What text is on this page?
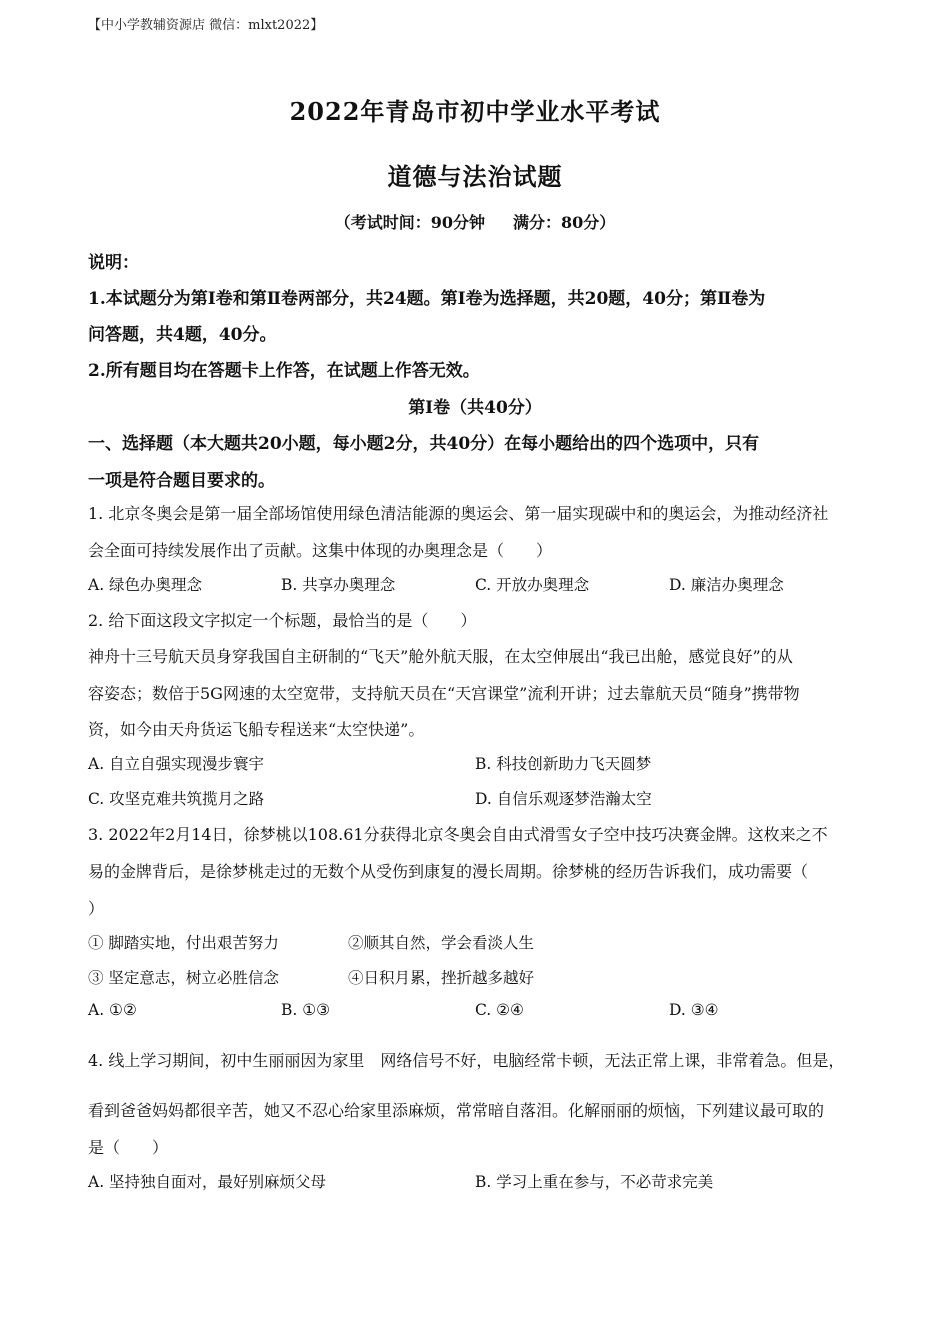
【中小学教辅资源店 微信：mlxt2022】
2022年青岛市初中学业水平考试
道德与法治试题
（考试时间：90分钟 满分：80分）
说明：
1.本试题分为第Ⅰ卷和第Ⅱ卷两部分，共24题。第Ⅰ卷为选择题，共20题，40分；第Ⅱ卷为
问答题，共4题，40分。
2.所有题目均在答题卡上作答，在试题上作答无效。
第Ⅰ卷（共40分）
一、选择题（本大题共20小题，每小题2分，共40分）在每小题给出的四个选项中，只有
一项是符合题目要求的。
1. 北京冬奥会是第一届全部场馆使用绿色清洁能源的奥运会、第一届实现碳中和的奥运会，为推动经济社
会全面可持续发展作出了贡献。这集中体现的办奥理念是（　　）
A. 绿色办奥理念	B. 共享办奥理念	C. 开放办奥理念	D. 廉洁办奥理念
2. 给下面这段文字拟定一个标题，最恰当的是（　　）
神舟十三号航天员身穿我国自主研制的“飞天”舱外航天服，在太空伸展出“我已出舱，感觉良好”的从
容姿态；数倍于5G网速的太空宽带，支持航天员在“天宫课堂”流利开讲；过去靠航天员“随身”携带物
资，如今由天舟货运飞船专程送来“太空快递”。
A. 自立自强实现漫步寰宇	B. 科技创新助力飞天圆梦
C. 攻坚克难共筑揽月之路	D. 自信乐观逐梦浩瀚太空
3. 2022年2月14日，徐梦桃以108.61分获得北京冬奥会自由式滑雪女子空中技巧决赛金牌。这枚来之不
易的金牌背后，是徐梦桃走过的无数个从受伤到康复的漫长周期。徐梦桃的经历告诉我们，成功需要（
）
① 脚踏实地，付出艰苦努力	②顺其自然，学会看淡人生
③ 坚定意志，树立必胜信念	④日积月累，挫折越多越好
A. ①②	B. ①③	C. ②④	D. ③④
4. 线上学习期间，初中生丽丽因为家里　网络信号不好，电脑经常卡顿，无法正常上课，非常着急。但是，
看到爸爸妈妈都很辛苦，她又不忍心给家里添麻烦，常常暗自落泪。化解丽丽的烦恼，下列建议最可取的
是（　　）
A. 坚持独自面对，最好别麻烦父母	B. 学习上重在参与，不必苛求完美
